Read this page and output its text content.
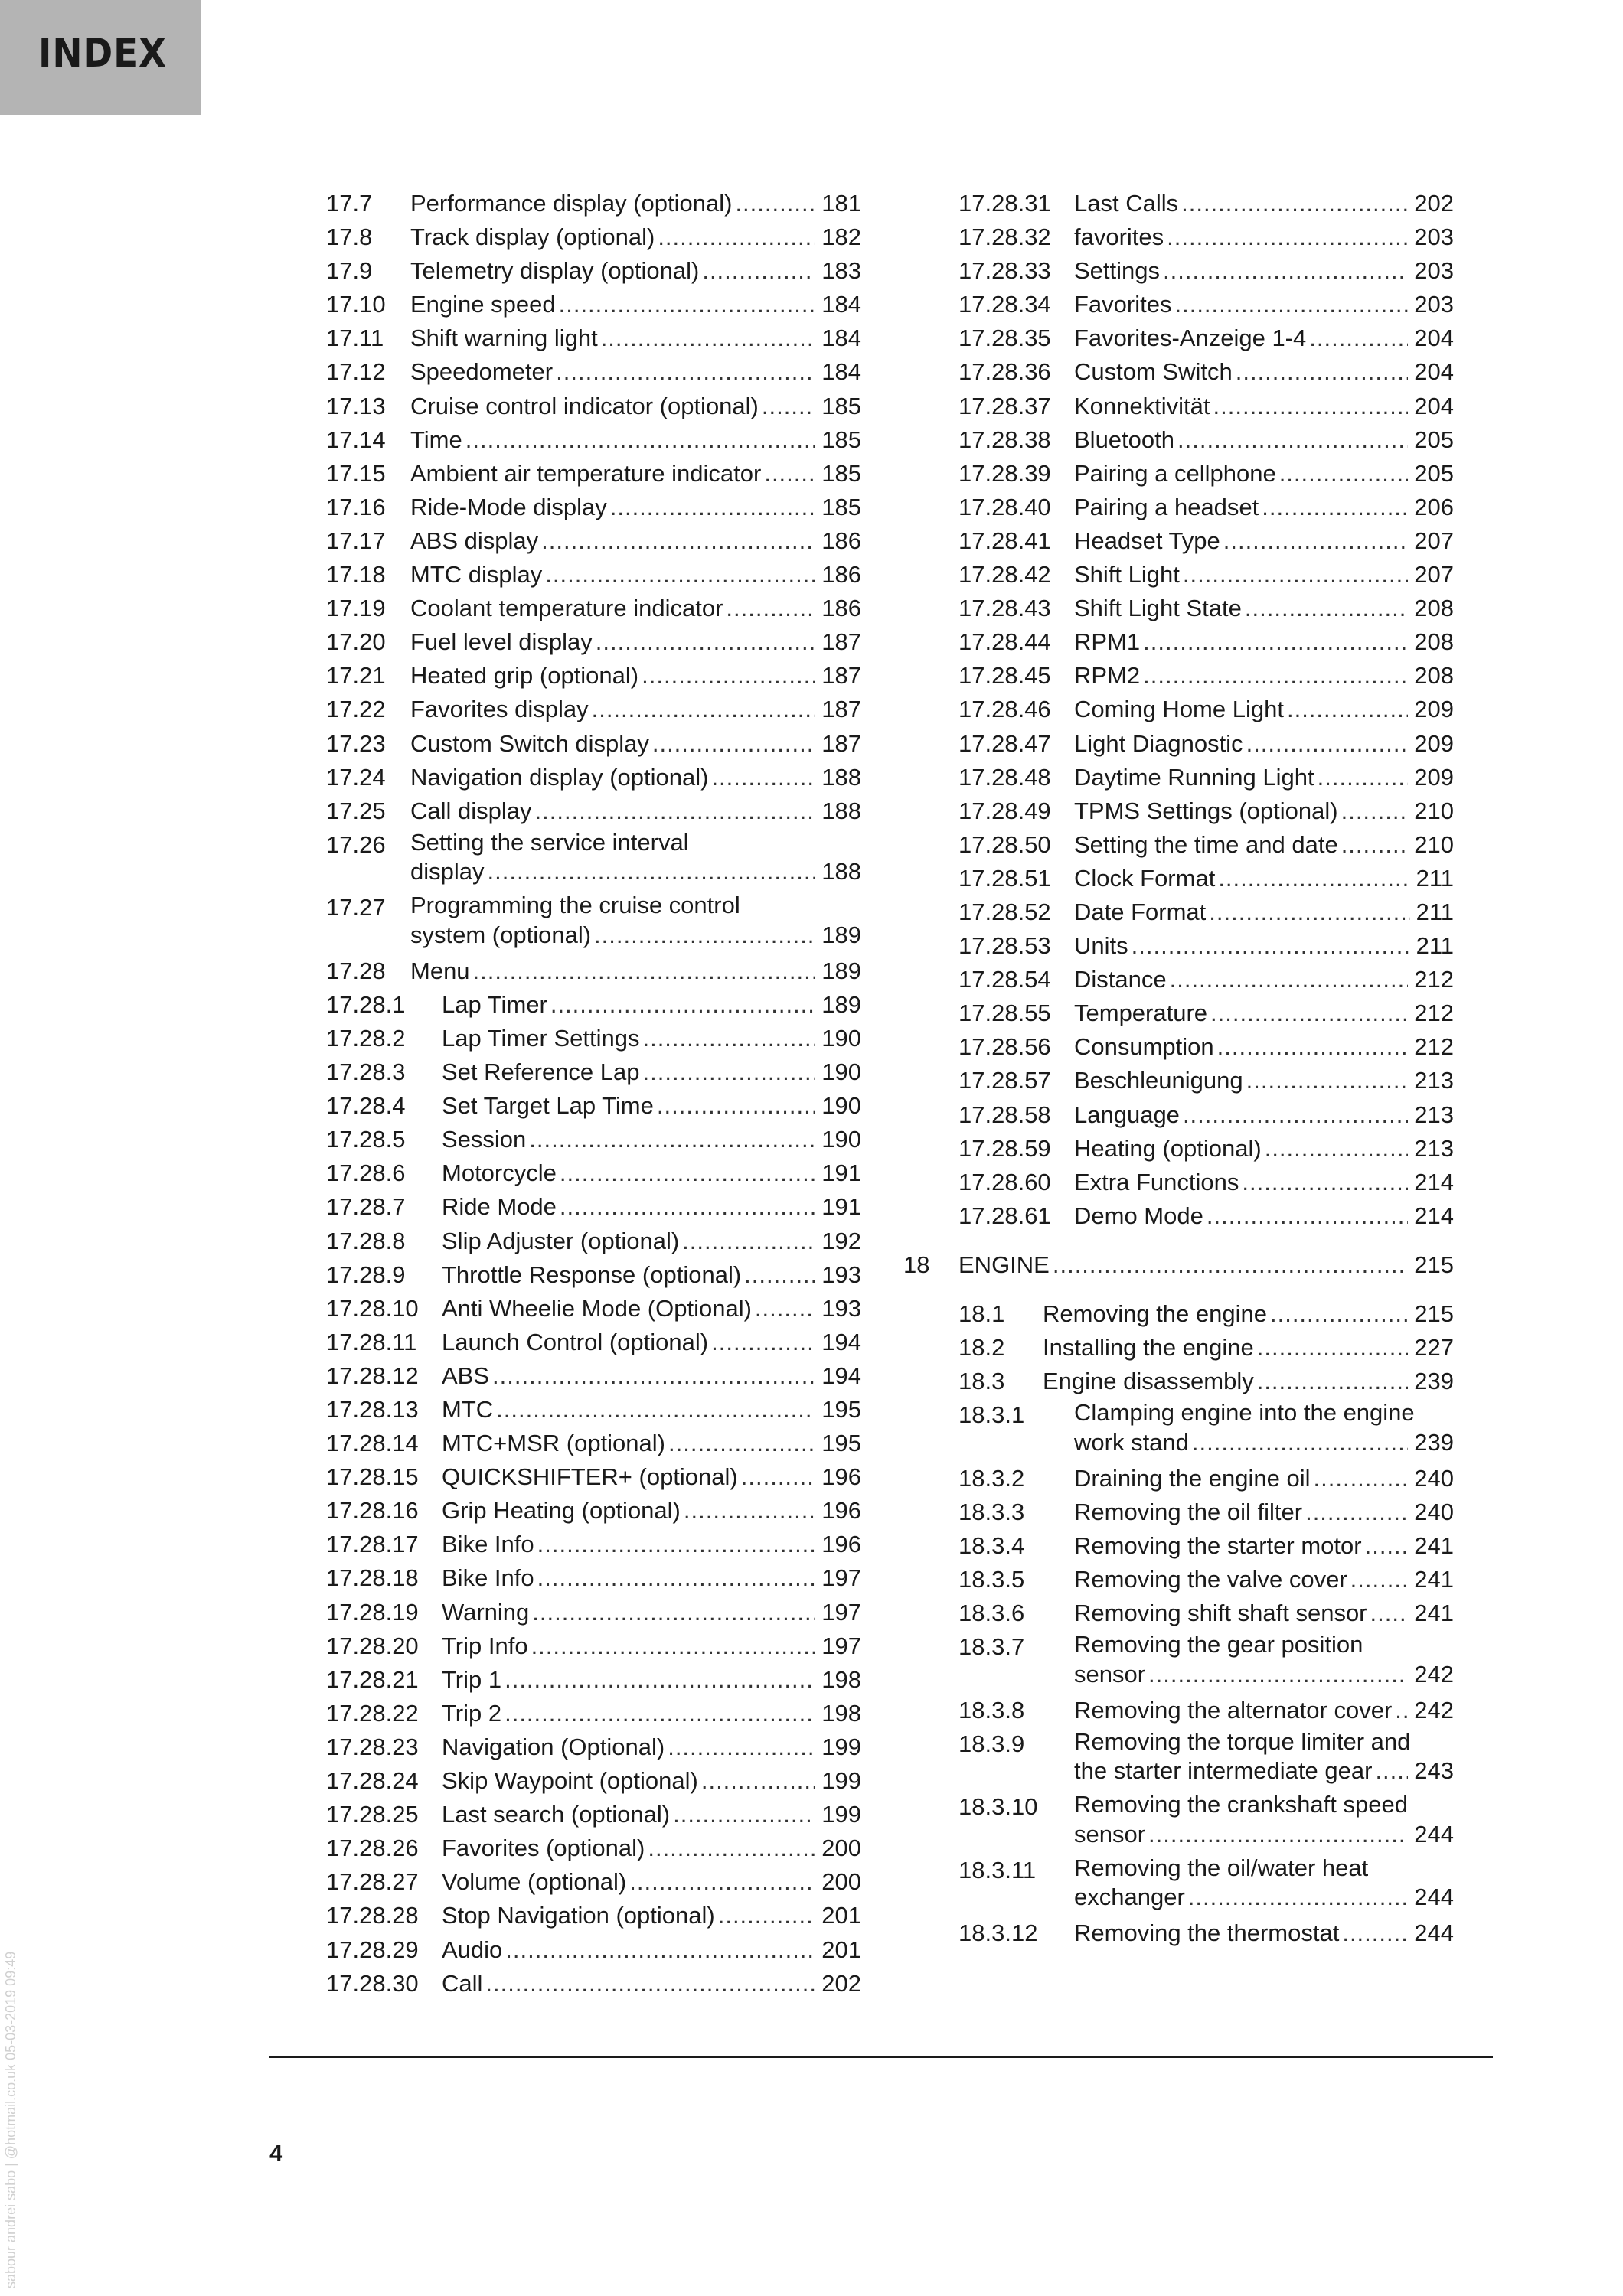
INDEX
17.7 Performance display (optional) .....	181
17.8 Track display (optional) .....	182
17.9 Telemetry display (optional) .....	183
17.10 Engine speed .....	184
17.11 Shift warning light .....	184
17.12 Speedometer .....	184
17.13 Cruise control indicator (optional) .....	185
17.14 Time .....	185
17.15 Ambient air temperature indicator .....	185
17.16 Ride-Mode display .....	185
17.17 ABS display .....	186
17.18 MTC display .....	186
17.19 Coolant temperature indicator .....	186
17.20 Fuel level display .....	187
17.21 Heated grip (optional) .....	187
17.22 Favorites display .....	187
17.23 Custom Switch display .....	187
17.24 Navigation display (optional) .....	188
17.25 Call display .....	188
17.26 Setting the service interval
display .....	188
17.27 Programming the cruise control
system (optional) .....	189
17.28 Menu .....	189
17.28.1 Lap Timer .....	189
17.28.2 Lap Timer Settings .....	190
17.28.3 Set Reference Lap .....	190
17.28.4 Set Target Lap Time .....	190
17.28.5 Session .....	190
17.28.6 Motorcycle .....	191
17.28.7 Ride Mode .....	191
17.28.8 Slip Adjuster (optional) .....	192
17.28.9 Throttle Response (optional) .....	193
17.28.10 Anti Wheelie Mode (Optional) .....	193
17.28.11 Launch Control (optional) .....	194
17.28.12 ABS .....	194
17.28.13 MTC .....	195
17.28.14 MTC+MSR (optional) .....	195
17.28.15 QUICKSHIFTER+ (optional) .....	196
17.28.16 Grip Heating (optional) .....	196
17.28.17 Bike Info .....	196
17.28.18 Bike Info .....	197
17.28.19 Warning .....	197
17.28.20 Trip Info .....	197
17.28.21 Trip 1 .....	198
17.28.22 Trip 2 .....	198
17.28.23 Navigation (Optional) .....	199
17.28.24 Skip Waypoint (optional) .....	199
17.28.25 Last search (optional) .....	199
17.28.26 Favorites (optional) .....	200
17.28.27 Volume (optional) .....	200
17.28.28 Stop Navigation (optional) .....	201
17.28.29 Audio .....	201
17.28.30 Call .....	202
17.28.31 Last Calls .....	202
17.28.32 favorites .....	203
17.28.33 Settings .....	203
17.28.34 Favorites .....	203
17.28.35 Favorites-Anzeige 1-4 .....	204
17.28.36 Custom Switch .....	204
17.28.37 Konnektivität .....	204
17.28.38 Bluetooth .....	205
17.28.39 Pairing a cellphone .....	205
17.28.40 Pairing a headset .....	206
17.28.41 Headset Type .....	207
17.28.42 Shift Light .....	207
17.28.43 Shift Light State .....	208
17.28.44 RPM1 .....	208
17.28.45 RPM2 .....	208
17.28.46 Coming Home Light .....	209
17.28.47 Light Diagnostic .....	209
17.28.48 Daytime Running Light .....	209
17.28.49 TPMS Settings (optional) .....	210
17.28.50 Setting the time and date .....	210
17.28.51 Clock Format .....	211
17.28.52 Date Format .....	211
17.28.53 Units .....	211
17.28.54 Distance .....	212
17.28.55 Temperature .....	212
17.28.56 Consumption .....	212
17.28.57 Beschleunigung .....	213
17.28.58 Language .....	213
17.28.59 Heating (optional) .....	213
17.28.60 Extra Functions .....	214
17.28.61 Demo Mode .....	214
18 ENGINE .....	215
18.1 Removing the engine .....	215
18.2 Installing the engine .....	227
18.3 Engine disassembly .....	239
18.3.1 Clamping engine into the engine
work stand .....	239
18.3.2 Draining the engine oil .....	240
18.3.3 Removing the oil filter .....	240
18.3.4 Removing the starter motor ..... 241
18.3.5 Removing the valve cover .....	241
18.3.6 Removing shift shaft sensor ..... 241
18.3.7 Removing the gear position
sensor .....	242
18.3.8 Removing the alternator cover ..... 242
18.3.9 Removing the torque limiter and
the starter intermediate gear ..... 243
18.3.10 Removing the crankshaft speed
sensor .....	244
18.3.11 Removing the oil/water heat
exchanger .....	244
18.3.12 Removing the thermostat .....	244
4
sabour andrei sabo | @hotmail.co.uk 05-03-2019 09:49
